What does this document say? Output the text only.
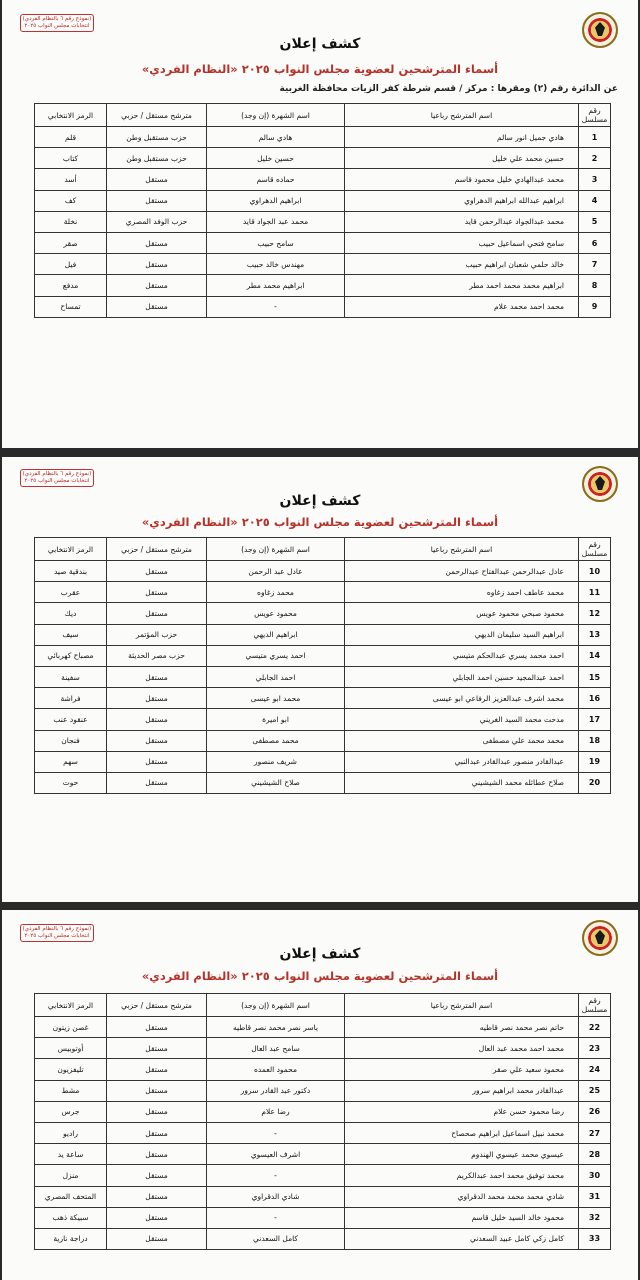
(نموذج رقم ٦ بالنظام الفردي)
انتخابات مجلس النواب ٢٠٢٥
كشف إعلان
أسماء المترشحين لعضوية مجلس النواب ٢٠٢٥ «النظام الفردي»
عن الدائرة رقم (٢) ومقرها : مركز / قسم شرطة كفر الزيات محافظة الغربية
رقم مسلسل	اسم المترشح رباعيا	اسم الشهرة (إن وجد)	مترشح مستقل / حزبي	الرمز الانتخابي
1	هادي جميل انور سالم	هادي سالم	حزب مستقبل وطن	قلم
2	حسين محمد علي خليل	حسين خليل	حزب مستقبل وطن	كتاب
3	محمد عبدالهادي خليل محمود قاسم	حماده قاسم	مستقل	أسد
4	ابراهيم عبدالله ابراهيم الدهراوي	ابراهيم الدهراوي	مستقل	كف
5	محمد عبدالجواد عبدالرحمن قايد	محمد عبد الجواد قايد	حزب الوفد المصري	نخلة
6	سامح فتحي اسماعيل حبيب	سامح حبيب	مستقل	صقر
7	خالد حلمي شعبان ابراهيم حبيب	مهندس خالد حبيب	مستقل	فيل
8	ابراهيم محمد محمد احمد مطر	ابراهيم محمد مطر	مستقل	مدفع
9	محمد احمد محمد علام	-	مستقل	تمساح
(نموذج رقم ٦ بالنظام الفردي)
انتخابات مجلس النواب ٢٠٢٥
كشف إعلان
أسماء المترشحين لعضوية مجلس النواب ٢٠٢٥ «النظام الفردي»
رقم مسلسل	اسم المترشح رباعيا	اسم الشهرة (إن وجد)	مترشح مستقل / حزبي	الرمز الانتخابي
10	عادل عبدالرحمن عبدالفتاح عبدالرحمن	عادل عبد الرحمن	مستقل	بندقية صيد
11	محمد عاطف احمد زغاوه	محمد زغاوه	مستقل	عقرب
12	محمود صبحي محمود عويس	محمود عويس	مستقل	ديك
13	ابراهيم السيد سليمان الديهي	ابراهيم الديهي	حزب المؤتمر	سيف
14	احمد محمد يسري عبدالحكم متيسي	احمد يسري متيسي	حزب مصر الحديثة	مصباح كهربائي
15	احمد عبدالمجيد حسين احمد الجابلي	احمد الجابلي	مستقل	سفينة
16	محمد اشرف عبدالعزيز الرفاعي ابو عيسى	محمد ابو عيسى	مستقل	فراشة
17	مدحت محمد السيد الغريني	ابو اميرة	مستقل	عنقود عنب
18	محمد محمد علي مصطفى	محمد مصطفى	مستقل	فنجان
19	عبدالقادر منصور عبدالقادر عبدالنبي	شريف منصور	مستقل	سهم
20	صلاح عطائله محمد الشيشيني	صلاح الشيشيني	مستقل	حوت
(نموذج رقم ٦ بالنظام الفردي)
انتخابات مجلس النواب ٢٠٢٥
كشف إعلان
أسماء المترشحين لعضوية مجلس النواب ٢٠٢٥ «النظام الفردي»
رقم مسلسل	اسم المترشح رباعيا	اسم الشهرة (إن وجد)	مترشح مستقل / حزبي	الرمز الانتخابي
22	حاتم نصر محمد نصر قاطيه	ياسر نصر محمد نصر قاطيه	مستقل	غصن زيتون
23	محمد احمد محمد عبد العال	سامح عبد العال	مستقل	أوتوبيس
24	محمود سعيد علي صقر	محمود العمده	مستقل	تليفزيون
25	عبدالقادر محمد ابراهيم سرور	دكتور عبد القادر سرور	مستقل	مشط
26	رضا محمود حسن علام	رضا علام	مستقل	جرس
27	محمد نبيل اسماعيل ابراهيم صحصاح	-	مستقل	راديو
28	عيسوي محمد عيسوي الهندوم	اشرف العيسوي	مستقل	ساعة يد
30	محمد توفيق محمد احمد عبدالكريم	-	مستقل	منزل
31	شادي محمد محمد محمد الدقراوي	شادي الدقراوي	مستقل	المتحف المصري
32	محمود خالد السيد خليل قاسم	-	مستقل	سبيكة ذهب
33	كامل زكي كامل عبيد السعدني	كامل السعدني	مستقل	دراجة نارية
